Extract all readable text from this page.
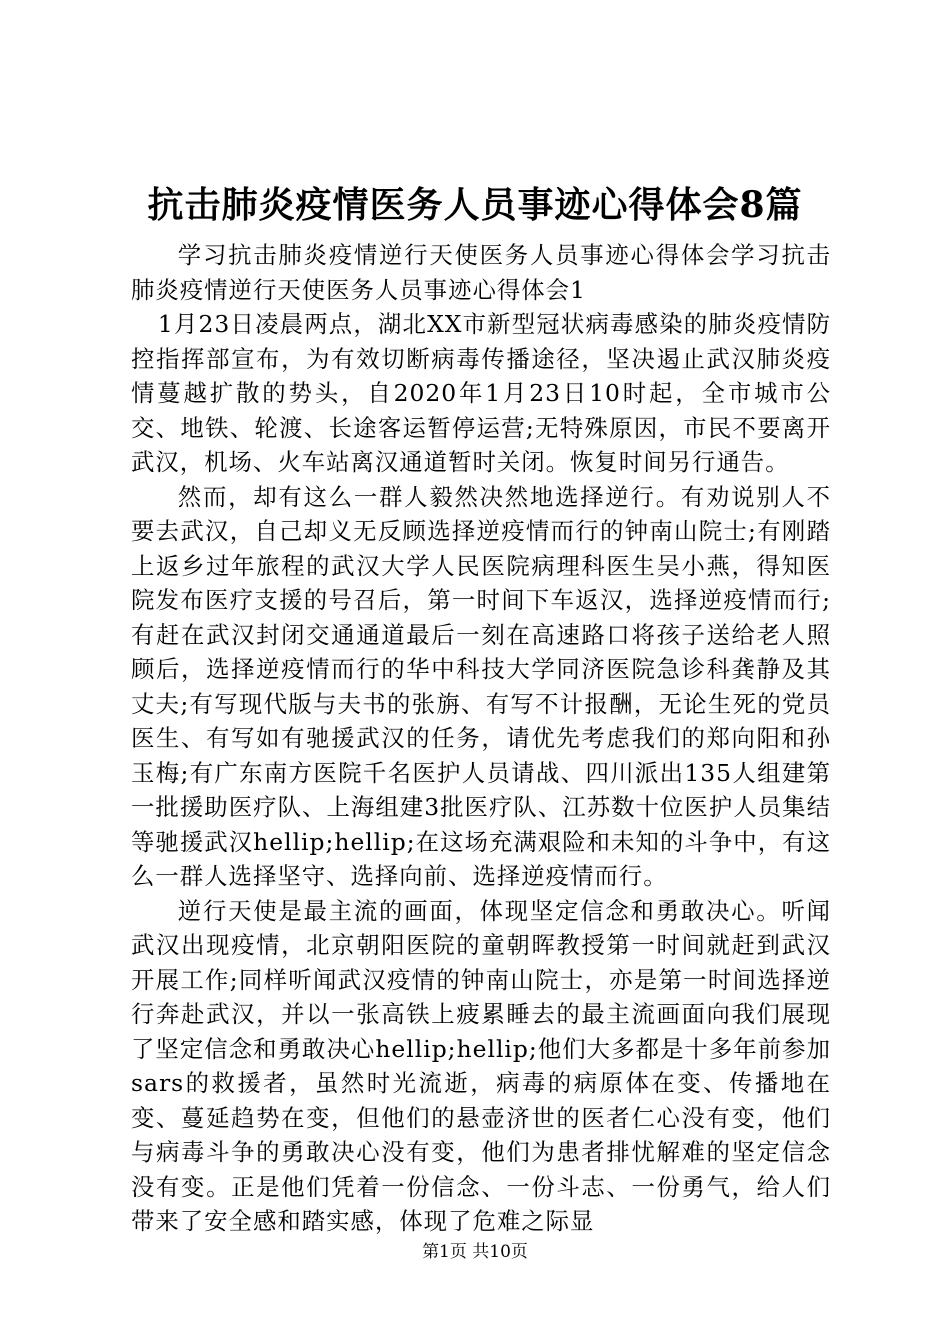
抗击肺炎疫情医务人员事迹心得体会8篇

学习抗击肺炎疫情逆行天使医务人员事迹心得体会学习抗击肺炎疫情逆行天使医务人员事迹心得体会1

1月23日凌晨两点，湖北XX市新型冠状病毒感染的肺炎疫情防控指挥部宣布，为有效切断病毒传播途径，坚决遏止武汉肺炎疫情蔓越扩散的势头，自2020年1月23日10时起，全市城市公交、地铁、轮渡、长途客运暂停运营;无特殊原因，市民不要离开武汉，机场、火车站离汉通道暂时关闭。恢复时间另行通告。

然而，却有这么一群人毅然决然地选择逆行。有劝说别人不要去武汉，自己却义无反顾选择逆疫情而行的钟南山院士;有刚踏上返乡过年旅程的武汉大学人民医院病理科医生吴小燕，得知医院发布医疗支援的号召后，第一时间下车返汉，选择逆疫情而行;有赶在武汉封闭交通通道最后一刻在高速路口将孩子送给老人照顾后，选择逆疫情而行的华中科技大学同济医院急诊科龚静及其丈夫;有写现代版与夫书的张旃、有写不计报酬，无论生死的党员医生、有写如有驰援武汉的任务，请优先考虑我们的郑向阳和孙玉梅;有广东南方医院千名医护人员请战、四川派出135人组建第一批援助医疗队、上海组建3批医疗队、江苏数十位医护人员集结等驰援武汉hellip;hellip;在这场充满艰险和未知的斗争中，有这么一群人选择坚守、选择向前、选择逆疫情而行。

逆行天使是最主流的画面，体现坚定信念和勇敢决心。听闻武汉出现疫情，北京朝阳医院的童朝晖教授第一时间就赶到武汉开展工作;同样听闻武汉疫情的钟南山院士，亦是第一时间选择逆行奔赴武汉，并以一张高铁上疲累睡去的最主流画面向我们展现了坚定信念和勇敢决心hellip;hellip;他们大多都是十多年前参加sars的救援者，虽然时光流逝，病毒的病原体在变、传播地在变、蔓延趋势在变，但他们的悬壶济世的医者仁心没有变，他们与病毒斗争的勇敢决心没有变，他们为患者排忧解难的坚定信念没有变。正是他们凭着一份信念、一份斗志、一份勇气，给人们带来了安全感和踏实感，体现了危难之际显

第1页 共10页
